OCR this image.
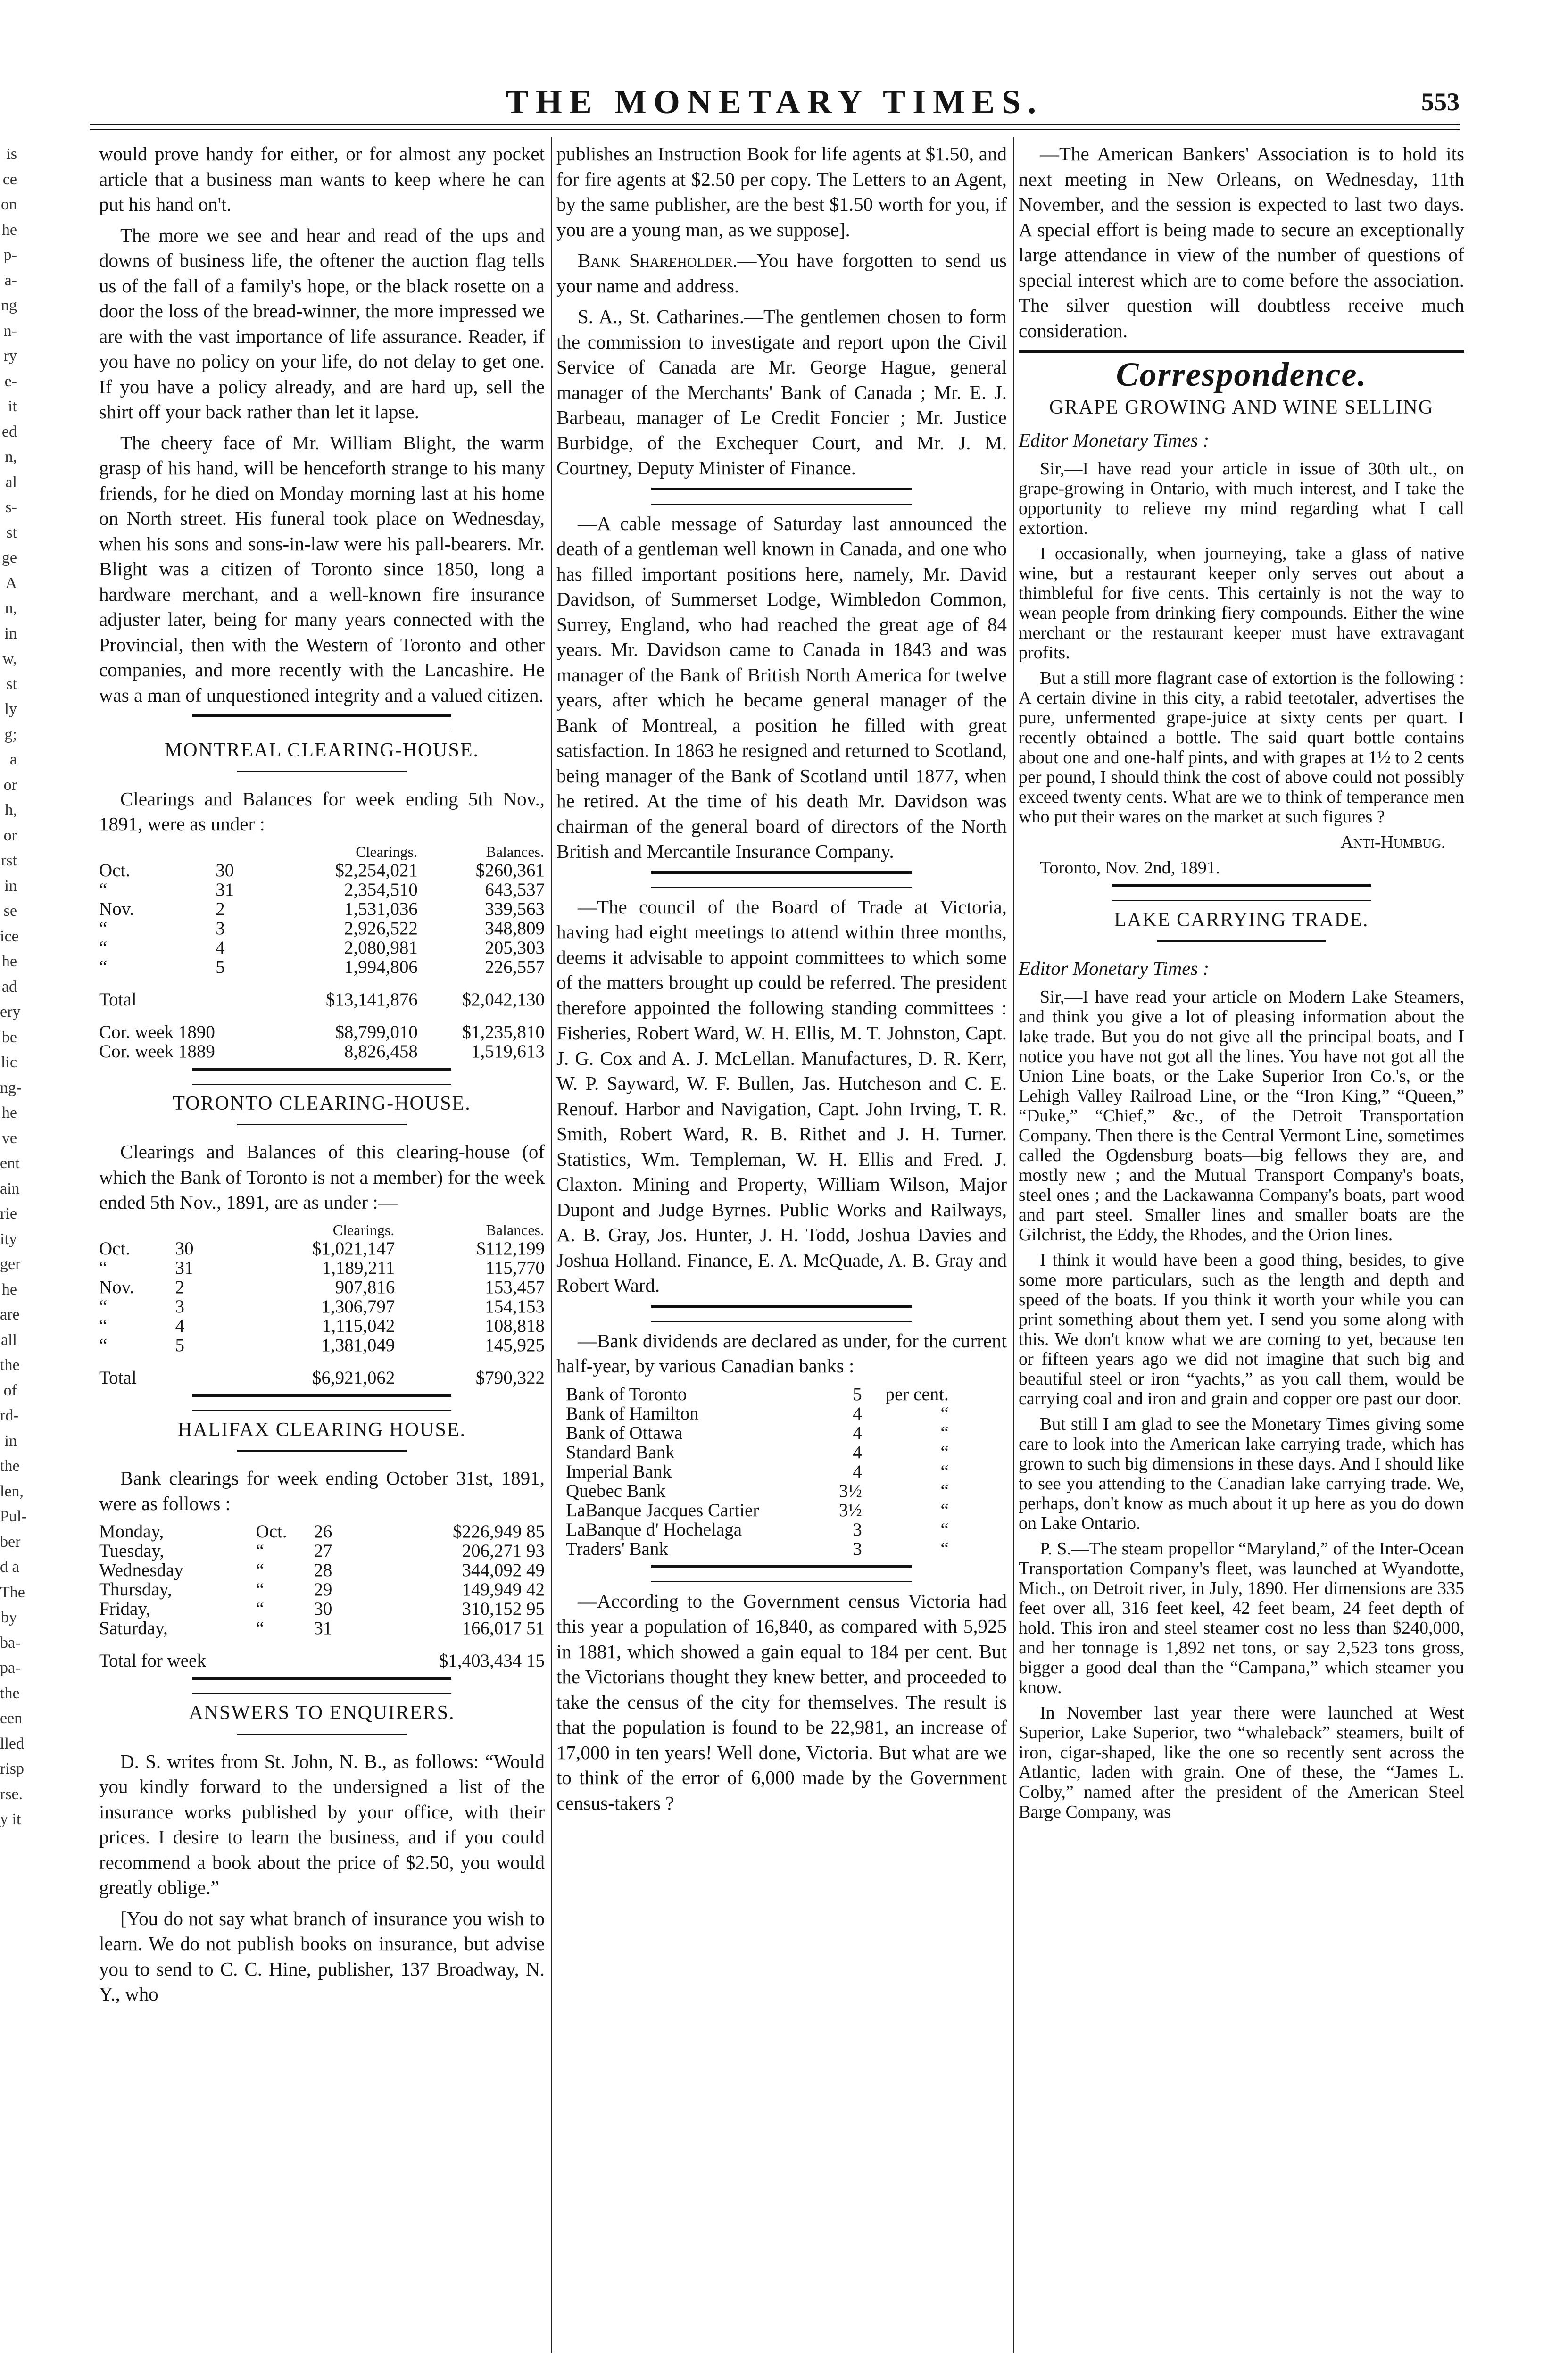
is
ce
on
he
p-
a-
ng
n-
ry
e-
it
ed
n,
al
s-
st
ge
A
n,
in
w,
st
ly
g;
a
or
h,
or
rst
in
se
ice
he
ad
ery
be
lic
ng-
he
ve
ent
ain
rie
ity
ger
he
are
all
the
of
rd-
in
the
len,
Pul-
ber
d a
The
by
ba-
pa-
the
een
lled
risp
rse.
y it
THE MONETARY TIMES.	553

would prove handy for either, or for almost any pocket article that a business man wants to keep where he can put his hand on't.

The more we see and hear and read of the ups and downs of business life, the oftener the auction flag tells us of the fall of a family's hope, or the black rosette on a door the loss of the bread-winner, the more impressed we are with the vast importance of life assurance. Reader, if you have no policy on your life, do not delay to get one. If you have a policy already, and are hard up, sell the shirt off your back rather than let it lapse.

The cheery face of Mr. William Blight, the warm grasp of his hand, will be henceforth strange to his many friends, for he died on Monday morning last at his home on North street. His funeral took place on Wednesday, when his sons and sons-in-law were his pall-bearers. Mr. Blight was a citizen of Toronto since 1850, long a hardware merchant, and a well-known fire insurance adjuster later, being for many years connected with the Provincial, then with the Western of Toronto and other companies, and more recently with the Lancashire. He was a man of unquestioned integrity and a valued citizen.

MONTREAL CLEARING-HOUSE.

Clearings and Balances for week ending 5th Nov., 1891, were as under :

		Clearings.	Balances.
Oct.	30	$2,254,021	$260,361
“	31	2,354,510	643,537
Nov.	2	1,531,036	339,563
“	3	2,926,522	348,809
“	4	2,080,981	205,303
“	5	1,994,806	226,557
Total		$13,141,876	$2,042,130
Cor. week 1890		$8,799,010	$1,235,810
Cor. week 1889		8,826,458	1,519,613
TORONTO CLEARING-HOUSE.

Clearings and Balances of this clearing-house (of which the Bank of Toronto is not a member) for the week ended 5th Nov., 1891, are as under :—

		Clearings.	Balances.
Oct.	30	$1,021,147	$112,199
“	31	1,189,211	115,770
Nov.	2	907,816	153,457
“	3	1,306,797	154,153
“	4	1,115,042	108,818
“	5	1,381,049	145,925
Total		$6,921,062	$790,322
HALIFAX CLEARING HOUSE.

Bank clearings for week ending October 31st, 1891, were as follows :

Monday,	Oct.	26	$226,949 85
Tuesday,	“	27	206,271 93
Wednesday	“	28	344,092 49
Thursday,	“	29	149,949 42
Friday,	“	30	310,152 95
Saturday,	“	31	166,017 51
Total for week			$1,403,434 15
ANSWERS TO ENQUIRERS.

D. S. writes from St. John, N. B., as follows: “Would you kindly forward to the undersigned a list of the insurance works published by your office, with their prices. I desire to learn the business, and if you could recommend a book about the price of $2.50, you would greatly oblige.”

[You do not say what branch of insurance you wish to learn. We do not publish books on insurance, but advise you to send to C. C. Hine, publisher, 137 Broadway, N. Y., who

publishes an Instruction Book for life agents at $1.50, and for fire agents at $2.50 per copy. The Letters to an Agent, by the same publisher, are the best $1.50 worth for you, if you are a young man, as we suppose].

Bank Shareholder.—You have forgotten to send us your name and address.

S. A., St. Catharines.—The gentlemen chosen to form the commission to investigate and report upon the Civil Service of Canada are Mr. George Hague, general manager of the Merchants' Bank of Canada ; Mr. E. J. Barbeau, manager of Le Credit Foncier ; Mr. Justice Burbidge, of the Exchequer Court, and Mr. J. M. Courtney, Deputy Minister of Finance.

—A cable message of Saturday last announced the death of a gentleman well known in Canada, and one who has filled important positions here, namely, Mr. David Davidson, of Summerset Lodge, Wimbledon Common, Surrey, England, who had reached the great age of 84 years. Mr. Davidson came to Canada in 1843 and was manager of the Bank of British North America for twelve years, after which he became general manager of the Bank of Montreal, a position he filled with great satisfaction. In 1863 he resigned and returned to Scotland, being manager of the Bank of Scotland until 1877, when he retired. At the time of his death Mr. Davidson was chairman of the general board of directors of the North British and Mercantile Insurance Company.

—The council of the Board of Trade at Victoria, having had eight meetings to attend within three months, deems it advisable to appoint committees to which some of the matters brought up could be referred. The president therefore appointed the following standing committees : Fisheries, Robert Ward, W. H. Ellis, M. T. Johnston, Capt. J. G. Cox and A. J. McLellan. Manufactures, D. R. Kerr, W. P. Sayward, W. F. Bullen, Jas. Hutcheson and C. E. Renouf. Harbor and Navigation, Capt. John Irving, T. R. Smith, Robert Ward, R. B. Rithet and J. H. Turner. Statistics, Wm. Templeman, W. H. Ellis and Fred. J. Claxton. Mining and Property, William Wilson, Major Dupont and Judge Byrnes. Public Works and Railways, A. B. Gray, Jos. Hunter, J. H. Todd, Joshua Davies and Joshua Holland. Finance, E. A. McQuade, A. B. Gray and Robert Ward.

—Bank dividends are declared as under, for the current half-year, by various Canadian banks :

Bank of Toronto	5	per cent.
Bank of Hamilton	4	“
Bank of Ottawa	4	“
Standard Bank	4	“
Imperial Bank	4	“
Quebec Bank	3½	“
LaBanque Jacques Cartier	3½	“
LaBanque d' Hochelaga	3	“
Traders' Bank	3	“

—According to the Government census Victoria had this year a population of 16,840, as compared with 5,925 in 1881, which showed a gain equal to 184 per cent. But the Victorians thought they knew better, and proceeded to take the census of the city for themselves. The result is that the population is found to be 22,981, an increase of 17,000 in ten years! Well done, Victoria. But what are we to think of the error of 6,000 made by the Government census-takers ?

—The American Bankers' Association is to hold its next meeting in New Orleans, on Wednesday, 11th November, and the session is expected to last two days. A special effort is being made to secure an exceptionally large attendance in view of the number of questions of special interest which are to come before the association. The silver question will doubtless receive much consideration.

Correspondence.
GRAPE GROWING AND WINE SELLING

Editor Monetary Times :

Sir,—I have read your article in issue of 30th ult., on grape-growing in Ontario, with much interest, and I take the opportunity to relieve my mind regarding what I call extortion.

I occasionally, when journeying, take a glass of native wine, but a restaurant keeper only serves out about a thimbleful for five cents. This certainly is not the way to wean people from drinking fiery compounds. Either the wine merchant or the restaurant keeper must have extravagant profits.

But a still more flagrant case of extortion is the following : A certain divine in this city, a rabid teetotaler, advertises the pure, unfermented grape-juice at sixty cents per quart. I recently obtained a bottle. The said quart bottle contains about one and one-half pints, and with grapes at 1½ to 2 cents per pound, I should think the cost of above could not possibly exceed twenty cents. What are we to think of temperance men who put their wares on the market at such figures ?

Anti-Humbug.

Toronto, Nov. 2nd, 1891.

LAKE CARRYING TRADE.

Editor Monetary Times :

Sir,—I have read your article on Modern Lake Steamers, and think you give a lot of pleasing information about the lake trade. But you do not give all the principal boats, and I notice you have not got all the lines. You have not got all the Union Line boats, or the Lake Superior Iron Co.'s, or the Lehigh Valley Railroad Line, or the “Iron King,” “Queen,” “Duke,” “Chief,” &c., of the Detroit Transportation Company. Then there is the Central Vermont Line, sometimes called the Ogdensburg boats—big fellows they are, and mostly new ; and the Mutual Transport Company's boats, steel ones ; and the Lackawanna Company's boats, part wood and part steel. Smaller lines and smaller boats are the Gilchrist, the Eddy, the Rhodes, and the Orion lines.

I think it would have been a good thing, besides, to give some more particulars, such as the length and depth and speed of the boats. If you think it worth your while you can print something about them yet. I send you some along with this. We don't know what we are coming to yet, because ten or fifteen years ago we did not imagine that such big and beautiful steel or iron “yachts,” as you call them, would be carrying coal and iron and grain and copper ore past our door.

But still I am glad to see the Monetary Times giving some care to look into the American lake carrying trade, which has grown to such big dimensions in these days. And I should like to see you attending to the Canadian lake carrying trade. We, perhaps, don't know as much about it up here as you do down on Lake Ontario.

P. S.—The steam propellor “Maryland,” of the Inter-Ocean Transportation Company's fleet, was launched at Wyandotte, Mich., on Detroit river, in July, 1890. Her dimensions are 335 feet over all, 316 feet keel, 42 feet beam, 24 feet depth of hold. This iron and steel steamer cost no less than $240,000, and her tonnage is 1,892 net tons, or say 2,523 tons gross, bigger a good deal than the “Campana,” which steamer you know.

In November last year there were launched at West Superior, Lake Superior, two “whaleback” steamers, built of iron, cigar-shaped, like the one so recently sent across the Atlantic, laden with grain. One of these, the “James L. Colby,” named after the president of the American Steel Barge Company, was
